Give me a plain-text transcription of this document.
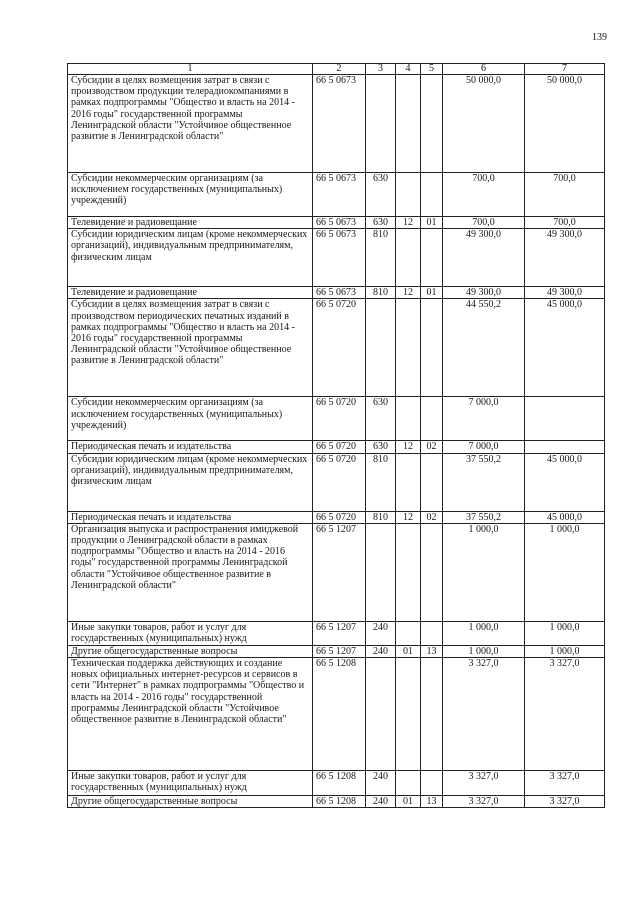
139
1	2	3	4	5	6	7
Субсидии в целях возмещения затрат в связи с производством продукции телерадиокомпаниями в рамках подпрограммы "Общество и власть на 2014 - 2016 годы" государственной программы Ленинградской области "Устойчивое общественное развитие в Ленинградской области"	66 5 0673				50 000,0	50 000,0
Субсидии некоммерческим организациям (за исключением государственных (муниципальных) учреждений)	66 5 0673	630			700,0	700,0
Телевидение и радиовещание	66 5 0673	630	12	01	700,0	700,0
Субсидии юридическим лицам (кроме некоммерческих организаций), индивидуальным предпринимателям, физическим лицам	66 5 0673	810			49 300,0	49 300,0
Телевидение и радиовещание	66 5 0673	810	12	01	49 300,0	49 300,0
Субсидии в целях возмещения затрат в связи с производством периодических печатных изданий в рамках подпрограммы "Общество и власть на 2014 - 2016 годы" государственной программы Ленинградской области "Устойчивое общественное развитие в Ленинградской области"	66 5 0720				44 550,2	45 000,0
Субсидии некоммерческим организациям (за исключением государственных (муниципальных) учреждений)	66 5 0720	630			7 000,0	
Периодическая печать и издательства	66 5 0720	630	12	02	7 000,0	
Субсидии юридическим лицам (кроме некоммерческих организаций), индивидуальным предпринимателям, физическим лицам	66 5 0720	810			37 550,2	45 000,0
Периодическая печать и издательства	66 5 0720	810	12	02	37 550,2	45 000,0
Организация выпуска и распространения имиджевой продукции о Ленинградской области в рамках подпрограммы "Общество и власть на 2014 - 2016 годы" государственной программы Ленинградской области "Устойчивое общественное развитие в Ленинградской области"	66 5 1207				1 000,0	1 000,0
Иные закупки товаров, работ и услуг для государственных (муниципальных) нужд	66 5 1207	240			1 000,0	1 000,0
Другие общегосударственные вопросы	66 5 1207	240	01	13	1 000,0	1 000,0
Техническая поддержка действующих и создание новых официальных интернет-ресурсов и сервисов в сети "Интернет" в рамках подпрограммы "Общество и власть на 2014 - 2016 годы" государственной программы Ленинградской области "Устойчивое общественное развитие в Ленинградской области"	66 5 1208				3 327,0	3 327,0
Иные закупки товаров, работ и услуг для государственных (муниципальных) нужд	66 5 1208	240			3 327,0	3 327,0
Другие общегосударственные вопросы	66 5 1208	240	01	13	3 327,0	3 327,0
